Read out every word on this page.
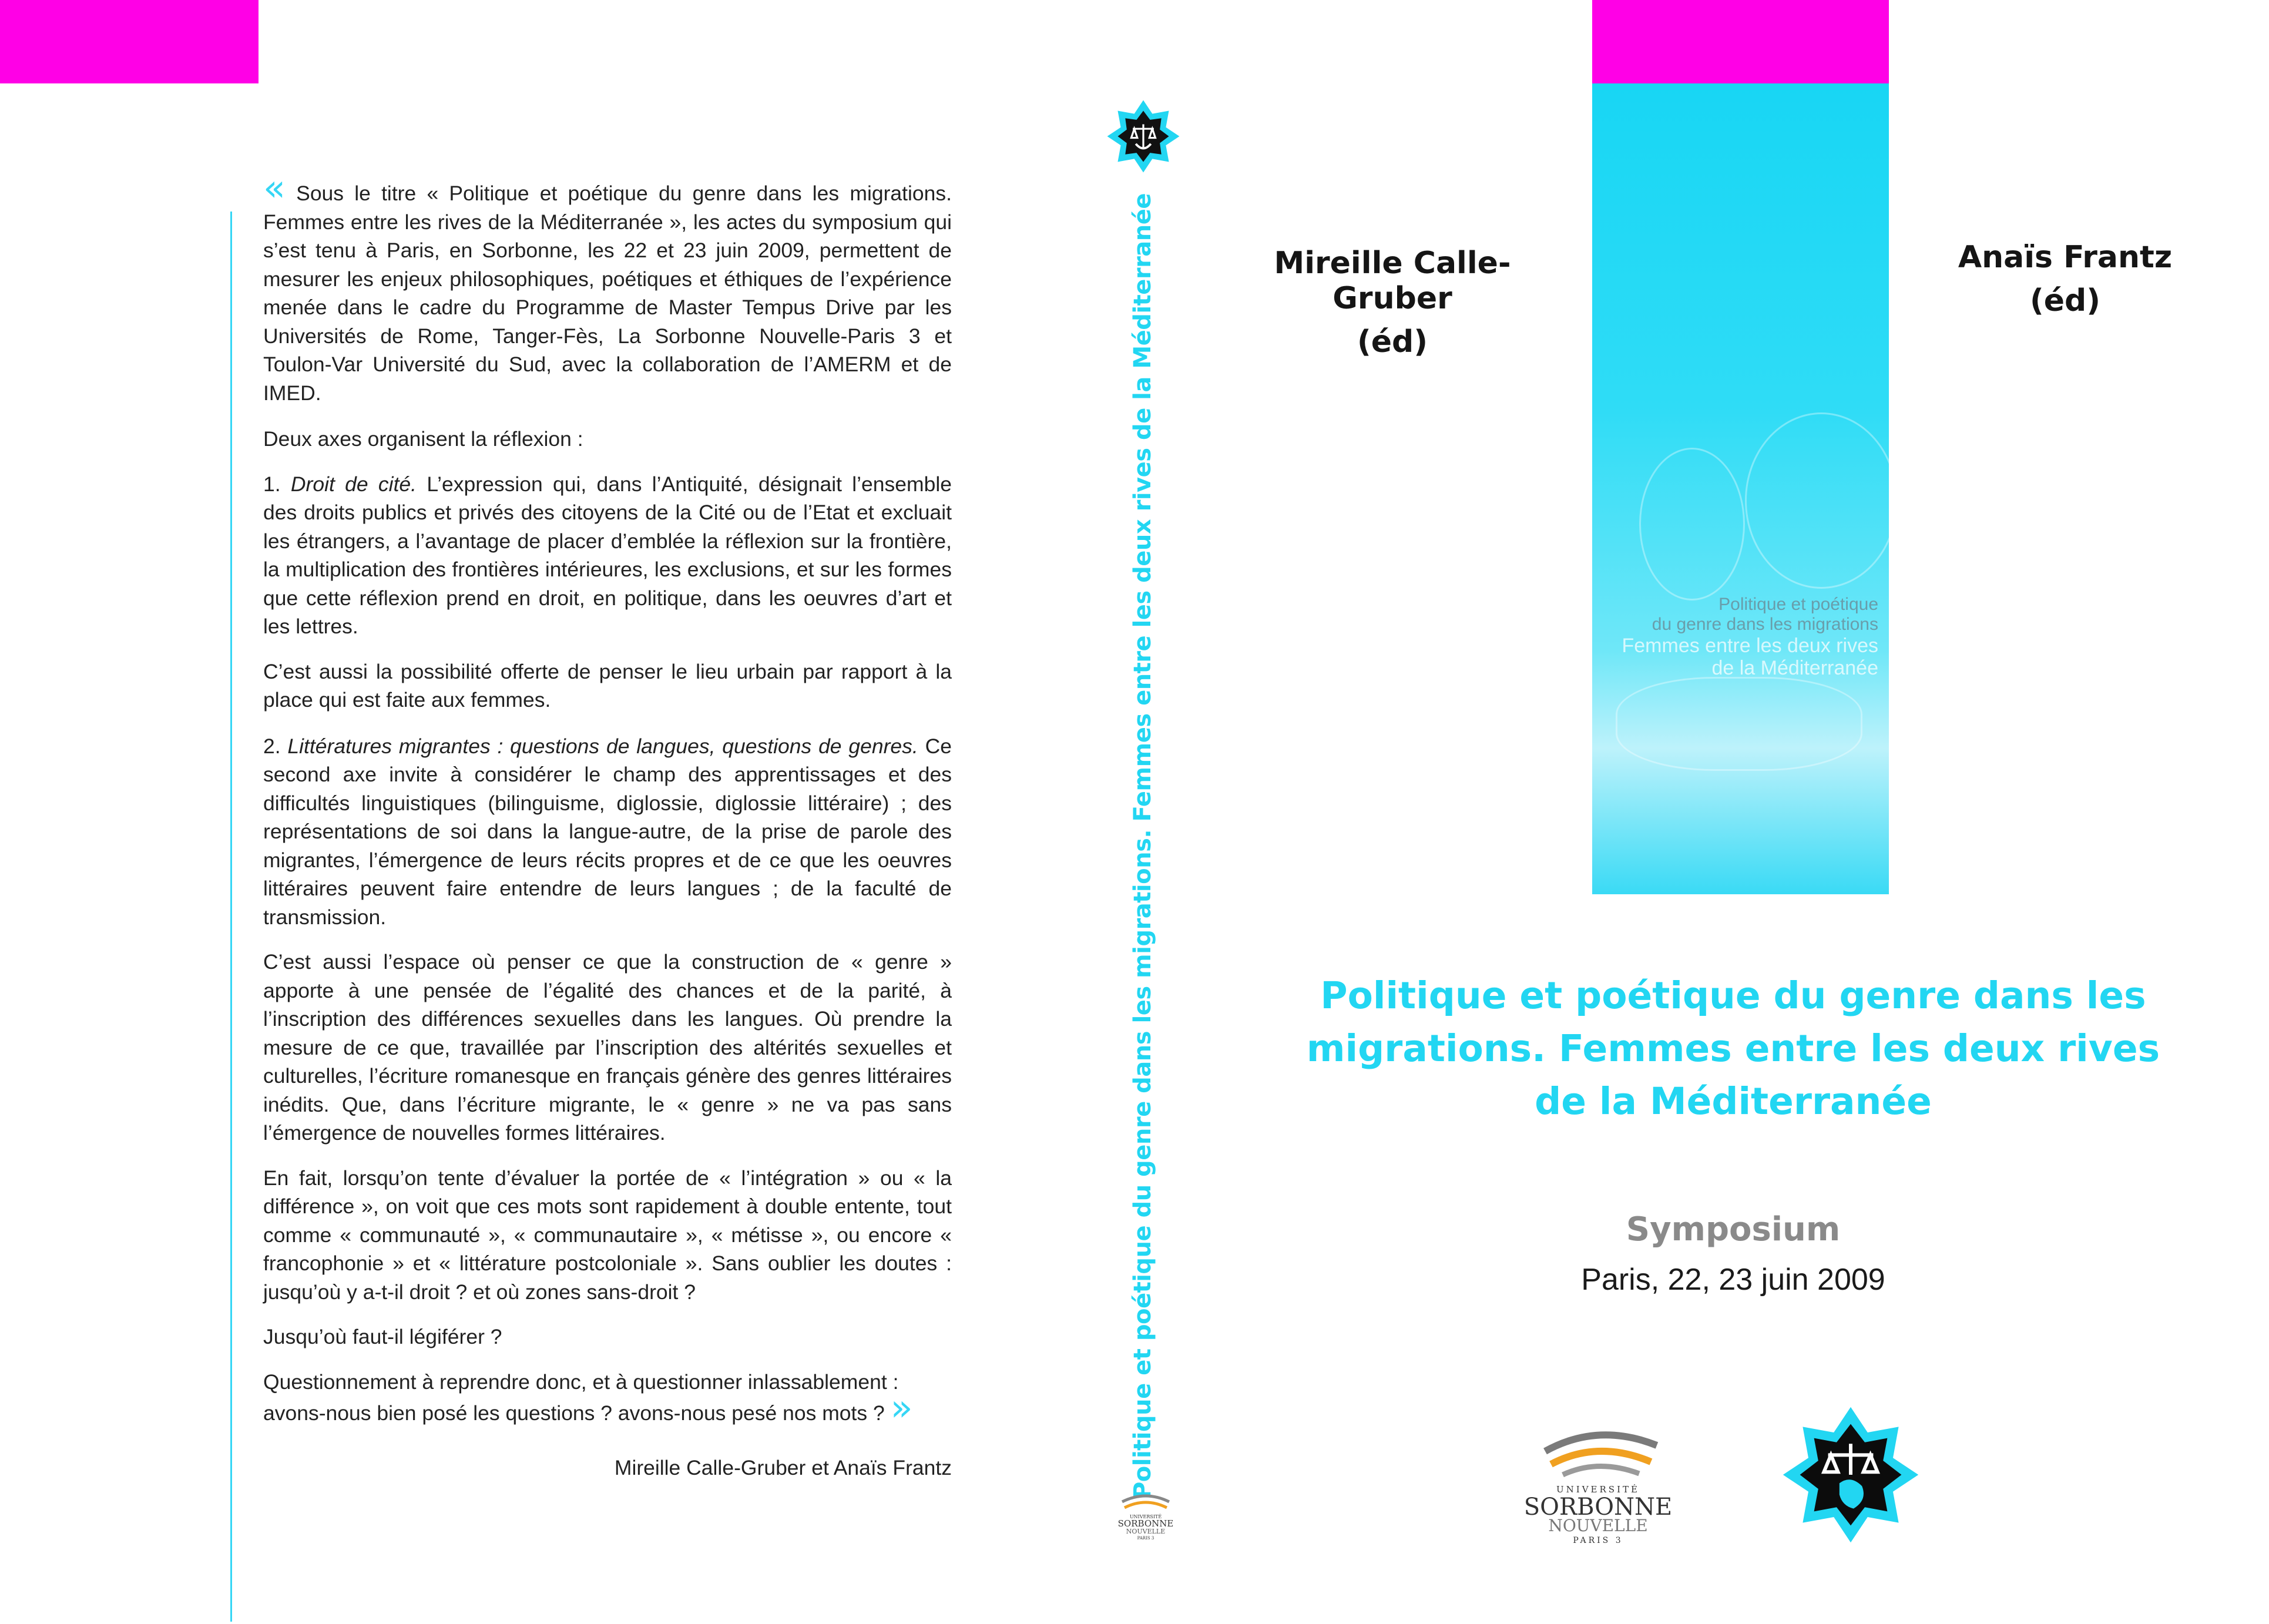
Politique et poétique
du genre dans les migrations
Femmes entre les deux rives
de la Méditerranée

« Sous le titre « Politique et poétique du genre dans les migrations. Femmes entre les rives de la Méditerranée », les actes du symposium qui s’est tenu à Paris, en Sorbonne, les 22 et 23 juin 2009, permettent de mesurer les enjeux philosophiques, poétiques et éthiques de l’expérience menée dans le cadre du Programme de Master Tempus Drive par les Universités de Rome, Tanger-Fès, La Sorbonne Nouvelle-Paris 3 et Toulon-Var Université du Sud, avec la collaboration de l’AMERM et de IMED.

Deux axes organisent la réflexion :

1. Droit de cité. L’expression qui, dans l’Antiquité, désignait l’ensemble des droits publics et privés des citoyens de la Cité ou de l’Etat et excluait les étrangers, a l’avantage de placer d’emblée la réflexion sur la frontière, la multiplication des frontières intérieures, les exclusions, et sur les formes que cette réflexion prend en droit, en politique, dans les oeuvres d’art et les lettres.

C’est aussi la possibilité offerte de penser le lieu urbain par rapport à la place qui est faite aux femmes.

2. Littératures migrantes : questions de langues, questions de genres. Ce second axe invite à considérer le champ des apprentissages et des difficultés linguistiques (bilinguisme, diglossie, diglossie littéraire) ; des représentations de soi dans la langue-autre, de la prise de parole des migrantes, l’émergence de leurs récits propres et de ce que les oeuvres littéraires peuvent faire entendre de leurs langues ; de la faculté de transmission.

C’est aussi l’espace où penser ce que la construction de « genre » apporte à une pensée de l’égalité des chances et de la parité, à l’inscription des différences sexuelles dans les langues. Où prendre la mesure de ce que, travaillée par l’inscription des altérités sexuelles et culturelles, l’écriture romanesque en français génère des genres littéraires inédits. Que, dans l’écriture migrante, le « genre » ne va pas sans l’émergence de nouvelles formes littéraires.

En fait, lorsqu’on tente d’évaluer la portée de « l’intégration » ou « la différence », on voit que ces mots sont rapidement à double entente, tout comme « communauté », « communautaire », « métisse », ou encore « francophonie » et « littérature postcoloniale ». Sans oublier les doutes : jusqu’où y a-t-il droit ? et où zones sans-droit ?

Jusqu’où faut-il légiférer ?

Questionnement à reprendre donc, et à questionner inlassablement : avons-nous bien posé les questions ? avons-nous pesé nos mots ? »

Mireille Calle-Gruber et Anaïs Frantz	Politique et poétique du genre dans les migrations. Femmes entre les deux rives de la Méditerranée
UNIVERSITÉ
SORBONNE
NOUVELLE
PARIS 3
Mireille Calle-Gruber
(éd)
Anaïs Frantz
(éd)
Politique et poétique du genre dans les migrations. Femmes entre les deux rives de la Méditerranée
Symposium
Paris, 22, 23 juin 2009
UNIVERSITÉ
SORBONNE
NOUVELLE
PARIS 3
